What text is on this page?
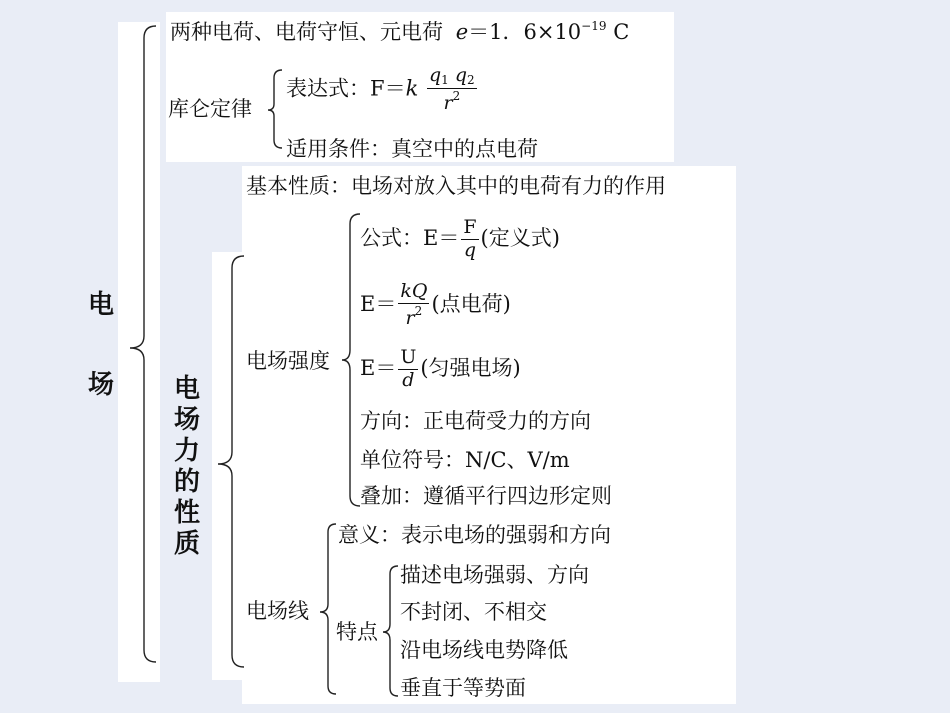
电
场
两种电荷、电荷守恒、元电荷 e＝1．$6\times 10^{-19}$ C
库仑定律
表达式：$F=k \frac{q_1 q_2}{r^2}$
适用条件：真空中的点电荷
电
场
力
的
性
质
基本性质：电场对放入其中的电荷有力的作用
电场强度
公式：$E= \frac{F}{q}$ (定义式)
$E= \frac{kQ}{r^2}$ (点电荷)
$E= \frac{U}{d}$ (匀强电场)
方向：正电荷受力的方向
单位符号：N/C、V/m
叠加：遵循平行四边形定则
电场线
意义：表示电场的强弱和方向
特点
描述电场强弱、方向
不封闭、不相交
沿电场线电势降低
垂直于等势面
